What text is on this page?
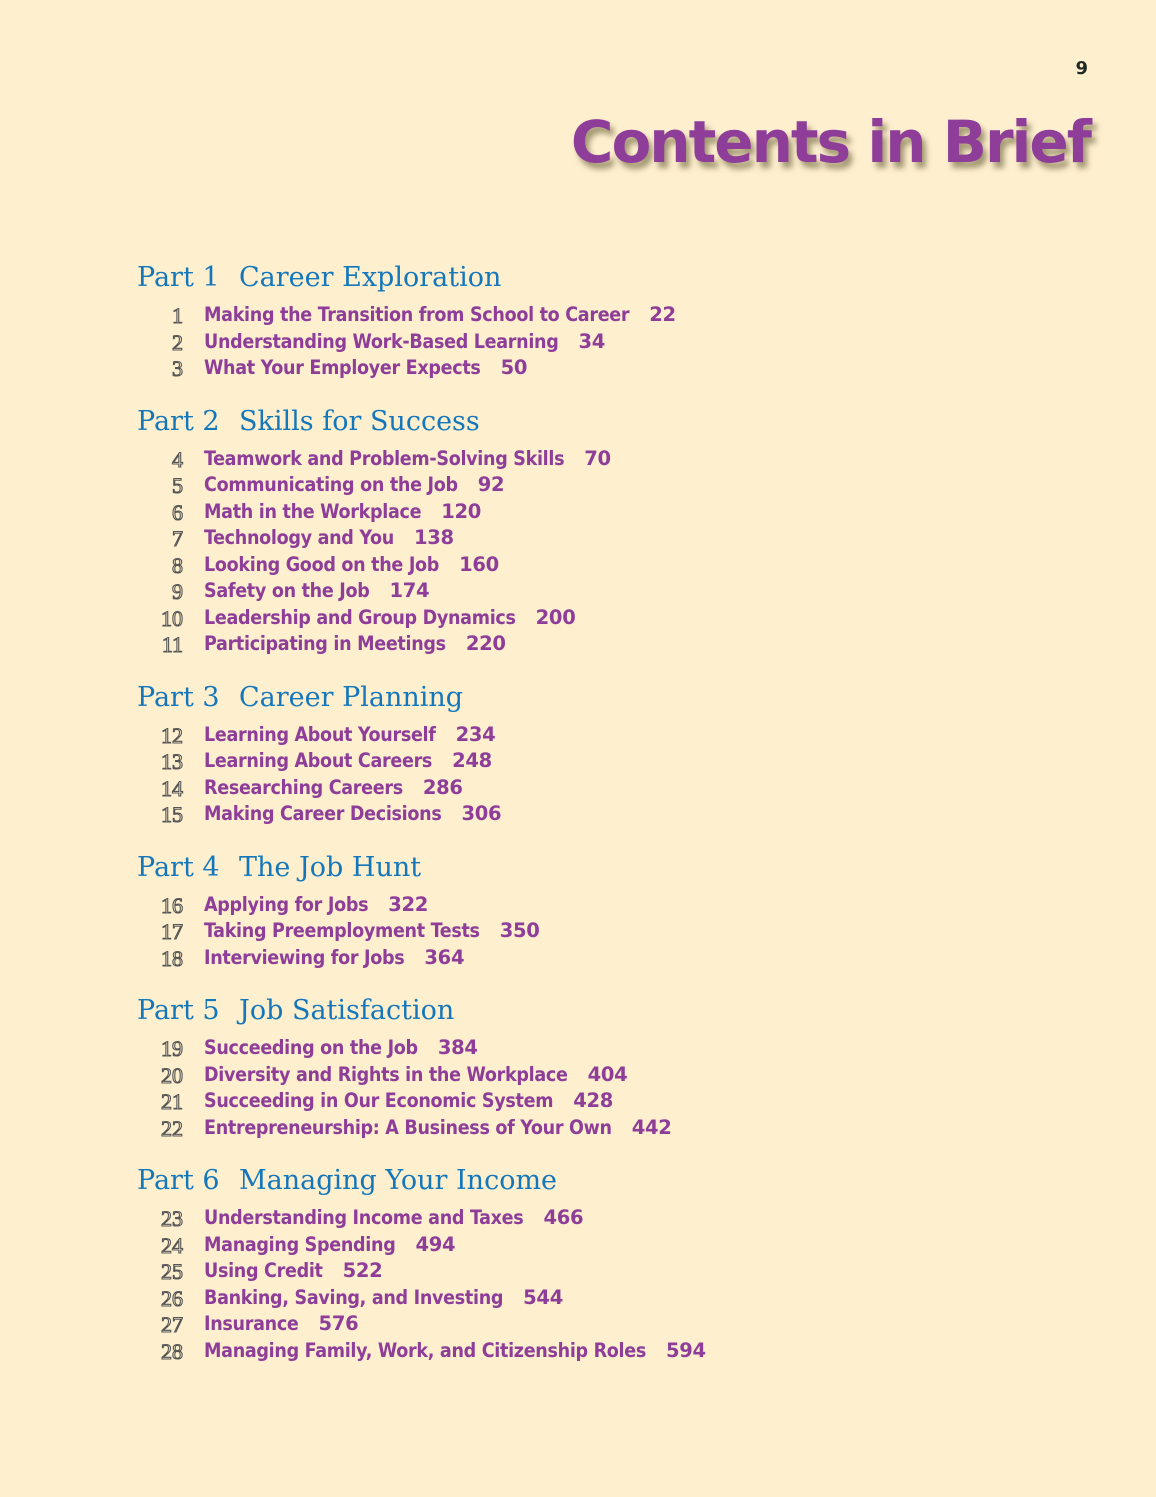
9
Contents in Brief
Part 1 Career Exploration
1 Making the Transition from School to Career 22
2 Understanding Work-Based Learning 34
3 What Your Employer Expects 50
Part 2 Skills for Success
4 Teamwork and Problem-Solving Skills 70
5 Communicating on the Job 92
6 Math in the Workplace 120
7 Technology and You 138
8 Looking Good on the Job 160
9 Safety on the Job 174
10 Leadership and Group Dynamics 200
11 Participating in Meetings 220
Part 3 Career Planning
12 Learning About Yourself 234
13 Learning About Careers 248
14 Researching Careers 286
15 Making Career Decisions 306
Part 4 The Job Hunt
16 Applying for Jobs 322
17 Taking Preemployment Tests 350
18 Interviewing for Jobs 364
Part 5 Job Satisfaction
19 Succeeding on the Job 384
20 Diversity and Rights in the Workplace 404
21 Succeeding in Our Economic System 428
22 Entrepreneurship: A Business of Your Own 442
Part 6 Managing Your Income
23 Understanding Income and Taxes 466
24 Managing Spending 494
25 Using Credit 522
26 Banking, Saving, and Investing 544
27 Insurance 576
28 Managing Family, Work, and Citizenship Roles 594
